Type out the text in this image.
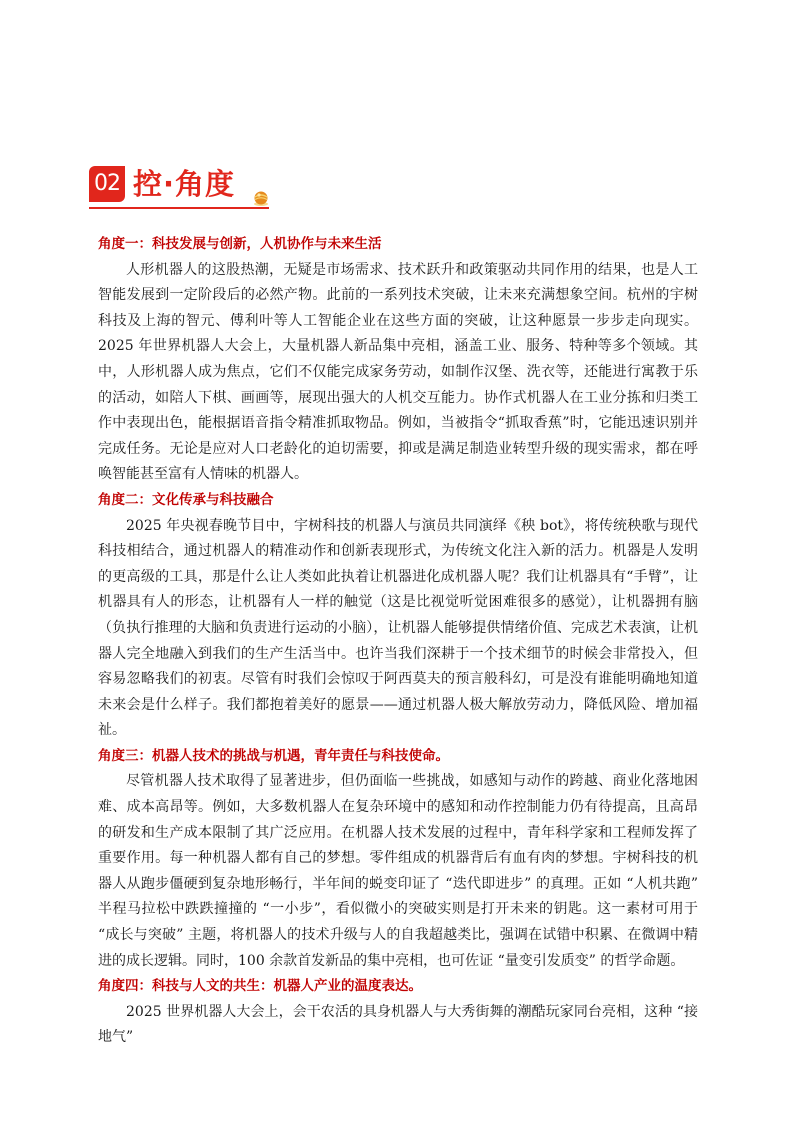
02 控·角度

角度一：科技发展与创新，人机协作与未来生活

人形机器人的这股热潮，无疑是市场需求、技术跃升和政策驱动共同作用的结果，也是人工智能发展到一定阶段后的必然产物。此前的一系列技术突破，让未来充满想象空间。杭州的宇树科技及上海的智元、傅利叶等人工智能企业在这些方面的突破，让这种愿景一步步走向现实。2025 年世界机器人大会上，大量机器人新品集中亮相，涵盖工业、服务、特种等多个领域。其中，人形机器人成为焦点，它们不仅能完成家务劳动，如制作汉堡、洗衣等，还能进行寓教于乐的活动，如陪人下棋、画画等，展现出强大的人机交互能力。协作式机器人在工业分拣和归类工作中表现出色，能根据语音指令精准抓取物品。例如，当被指令“抓取香蕉”时，它能迅速识别并完成任务。无论是应对人口老龄化的迫切需要，抑或是满足制造业转型升级的现实需求，都在呼唤智能甚至富有人情味的机器人。

角度二：文化传承与科技融合

2025 年央视春晚节目中，宇树科技的机器人与演员共同演绎《秧 bot》，将传统秧歌与现代科技相结合，通过机器人的精准动作和创新表现形式，为传统文化注入新的活力。机器是人发明的更高级的工具，那是什么让人类如此执着让机器进化成机器人呢？我们让机器具有“手臂”，让机器具有人的形态，让机器有人一样的触觉（这是比视觉听觉困难很多的感觉），让机器拥有脑（负执行推理的大脑和负责进行运动的小脑），让机器人能够提供情绪价值、完成艺术表演，让机器人完全地融入到我们的生产生活当中。也许当我们深耕于一个技术细节的时候会非常投入，但容易忽略我们的初衷。尽管有时我们会惊叹于阿西莫夫的预言般科幻，可是没有谁能明确地知道未来会是什么样子。我们都抱着美好的愿景——通过机器人极大解放劳动力，降低风险、增加福祉。

角度三：机器人技术的挑战与机遇，青年责任与科技使命。

尽管机器人技术取得了显著进步，但仍面临一些挑战，如感知与动作的跨越、商业化落地困难、成本高昂等。例如，大多数机器人在复杂环境中的感知和动作控制能力仍有待提高，且高昂的研发和生产成本限制了其广泛应用。在机器人技术发展的过程中，青年科学家和工程师发挥了重要作用。每一种机器人都有自己的梦想。零件组成的机器背后有血有肉的梦想。宇树科技的机器人从跑步僵硬到复杂地形畅行，半年间的蜕变印证了 “迭代即进步” 的真理。正如 “人机共跑” 半程马拉松中跌跌撞撞的 “一小步”，看似微小的突破实则是打开未来的钥匙。这一素材可用于 “成长与突破” 主题，将机器人的技术升级与人的自我超越类比，强调在试错中积累、在微调中精进的成长逻辑。同时，100 余款首发新品的集中亮相，也可佐证 “量变引发质变” 的哲学命题。

角度四：科技与人文的共生：机器人产业的温度表达。

2025 世界机器人大会上，会干农活的具身机器人与大秀街舞的潮酷玩家同台亮相，这种 “接地气”
